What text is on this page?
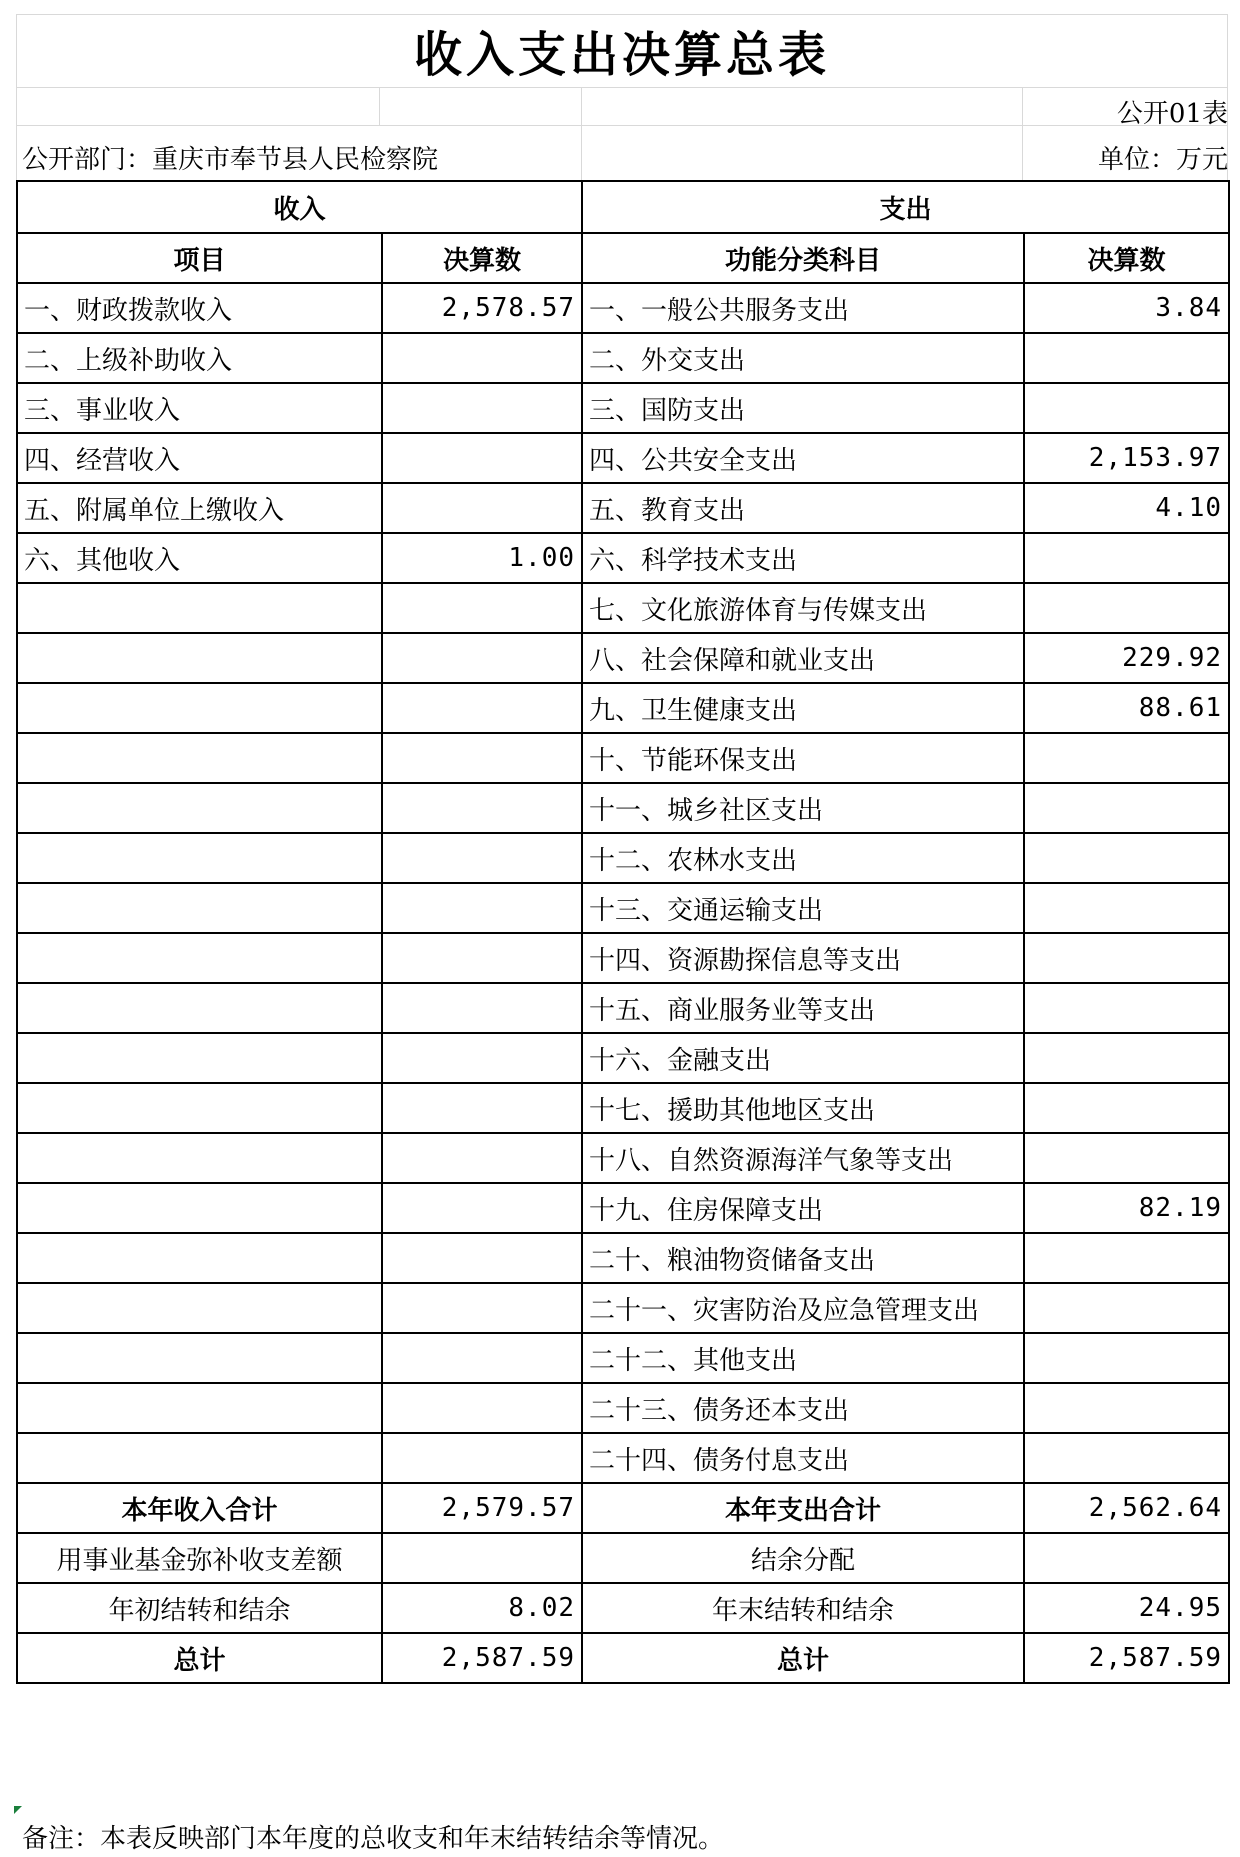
收入支出决算总表
公开01表
公开部门：重庆市奉节县人民检察院	单位：万元
收入		支出	
项目	决算数	功能分类科目	决算数
一、财政拨款收入	2,578.57	一、一般公共服务支出	3.84
二、上级补助收入		二、外交支出	
三、事业收入		三、国防支出	
四、经营收入		四、公共安全支出	2,153.97
五、附属单位上缴收入		五、教育支出	4.10
六、其他收入	1.00	六、科学技术支出	
		七、文化旅游体育与传媒支出	
		八、社会保障和就业支出	229.92
		九、卫生健康支出	88.61
		十、节能环保支出	
		十一、城乡社区支出	
		十二、农林水支出	
		十三、交通运输支出	
		十四、资源勘探信息等支出	
		十五、商业服务业等支出	
		十六、金融支出	
		十七、援助其他地区支出	
		十八、自然资源海洋气象等支出	
		十九、住房保障支出	82.19
		二十、粮油物资储备支出	
		二十一、灾害防治及应急管理支出	
		二十二、其他支出	
		二十三、债务还本支出	
		二十四、债务付息支出	
本年收入合计	2,579.57	本年支出合计	2,562.64
用事业基金弥补收支差额		结余分配	
年初结转和结余	8.02	年末结转和结余	24.95
总计	2,587.59	总计	2,587.59
备注：本表反映部门本年度的总收支和年末结转结余等情况。
